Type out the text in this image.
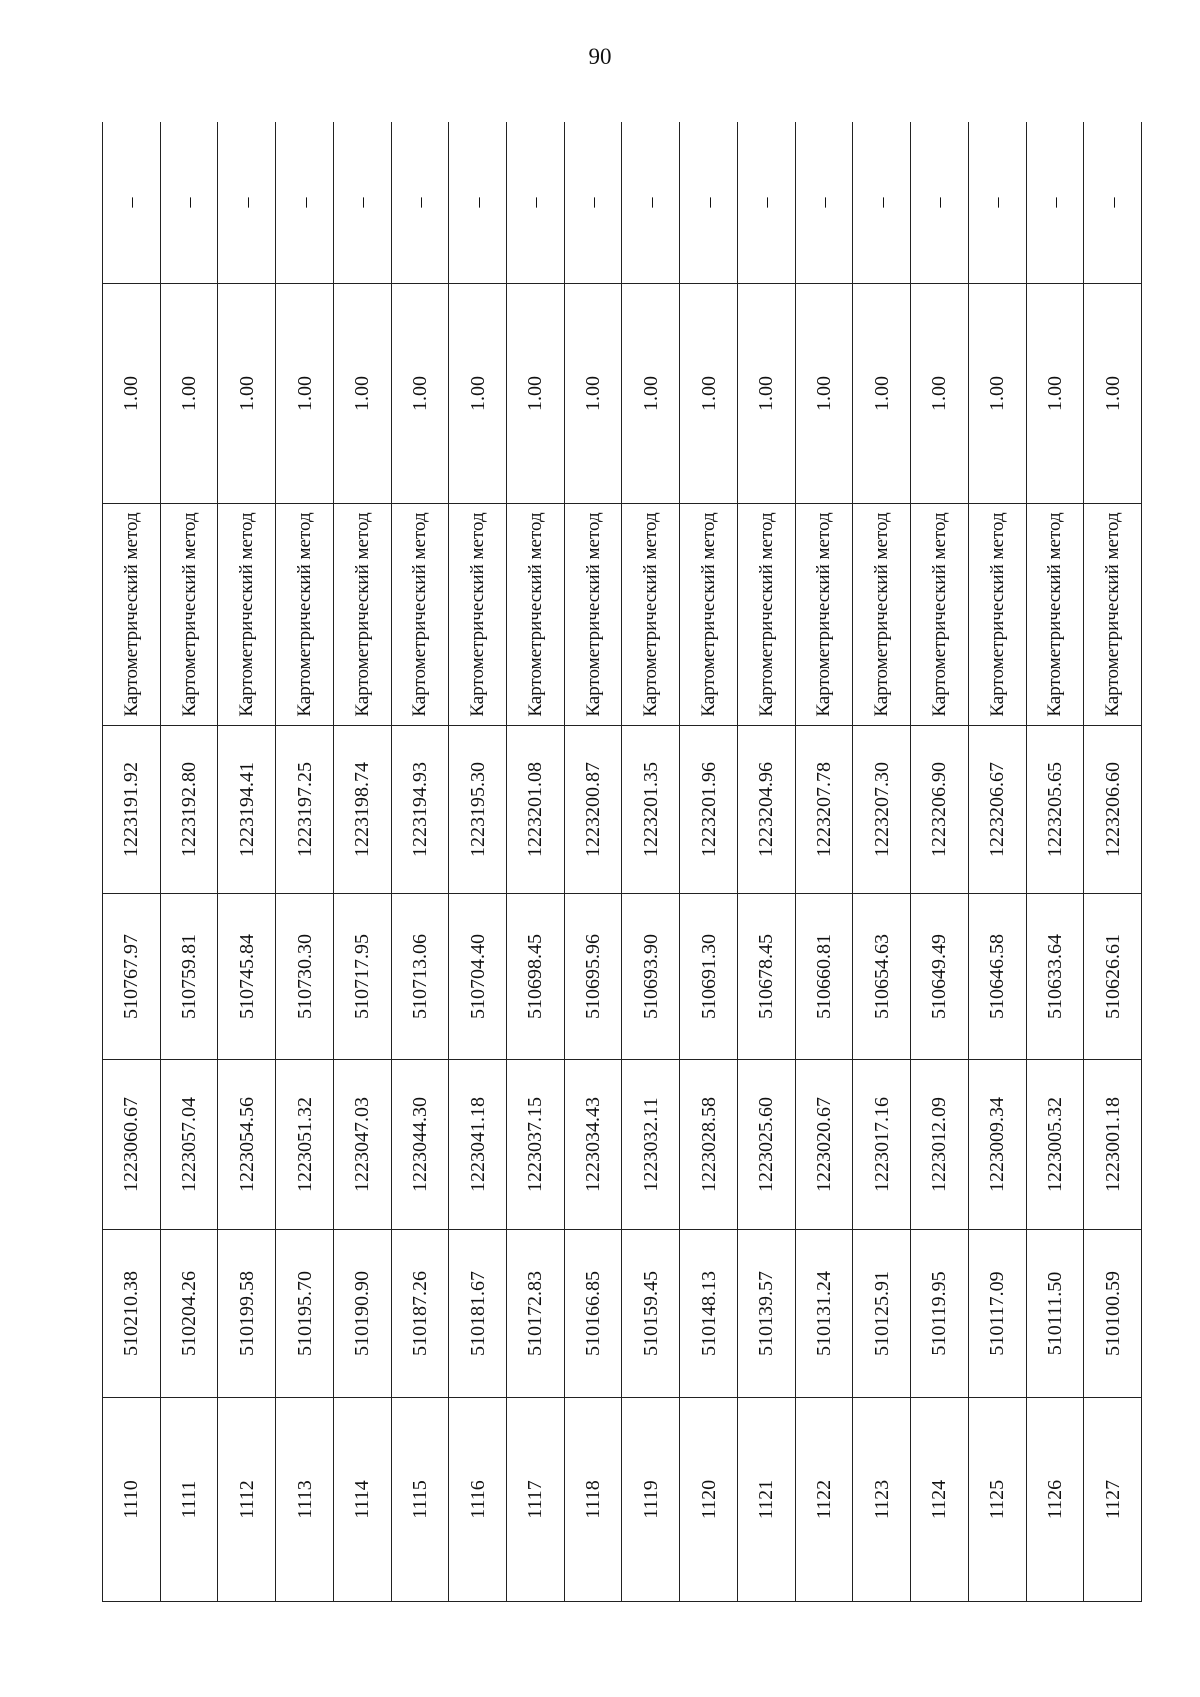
90
1110	510210.38	1223060.67	510767.97	1223191.92	Картометрический метод	1.00	–
1111	510204.26	1223057.04	510759.81	1223192.80	Картометрический метод	1.00	–
1112	510199.58	1223054.56	510745.84	1223194.41	Картометрический метод	1.00	–
1113	510195.70	1223051.32	510730.30	1223197.25	Картометрический метод	1.00	–
1114	510190.90	1223047.03	510717.95	1223198.74	Картометрический метод	1.00	–
1115	510187.26	1223044.30	510713.06	1223194.93	Картометрический метод	1.00	–
1116	510181.67	1223041.18	510704.40	1223195.30	Картометрический метод	1.00	–
1117	510172.83	1223037.15	510698.45	1223201.08	Картометрический метод	1.00	–
1118	510166.85	1223034.43	510695.96	1223200.87	Картометрический метод	1.00	–
1119	510159.45	1223032.11	510693.90	1223201.35	Картометрический метод	1.00	–
1120	510148.13	1223028.58	510691.30	1223201.96	Картометрический метод	1.00	–
1121	510139.57	1223025.60	510678.45	1223204.96	Картометрический метод	1.00	–
1122	510131.24	1223020.67	510660.81	1223207.78	Картометрический метод	1.00	–
1123	510125.91	1223017.16	510654.63	1223207.30	Картометрический метод	1.00	–
1124	510119.95	1223012.09	510649.49	1223206.90	Картометрический метод	1.00	–
1125	510117.09	1223009.34	510646.58	1223206.67	Картометрический метод	1.00	–
1126	510111.50	1223005.32	510633.64	1223205.65	Картометрический метод	1.00	–
1127	510100.59	1223001.18	510626.61	1223206.60	Картометрический метод	1.00	–
